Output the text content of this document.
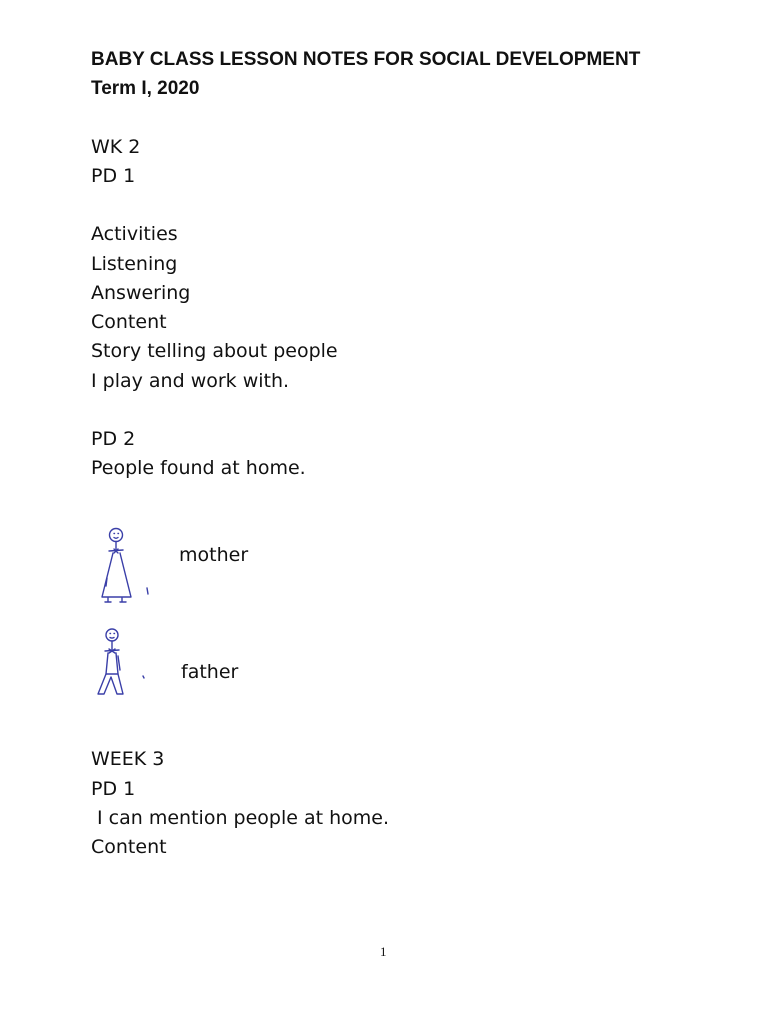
BABY CLASS LESSON NOTES FOR SOCIAL DEVELOPMENT
Term I, 2020
WK 2
PD 1
Activities
Listening
Answering
Content
Story telling about people
I play and work with.
PD 2
People found at home.
mother
father
WEEK 3
PD 1
I can mention people at home.
Content
1
